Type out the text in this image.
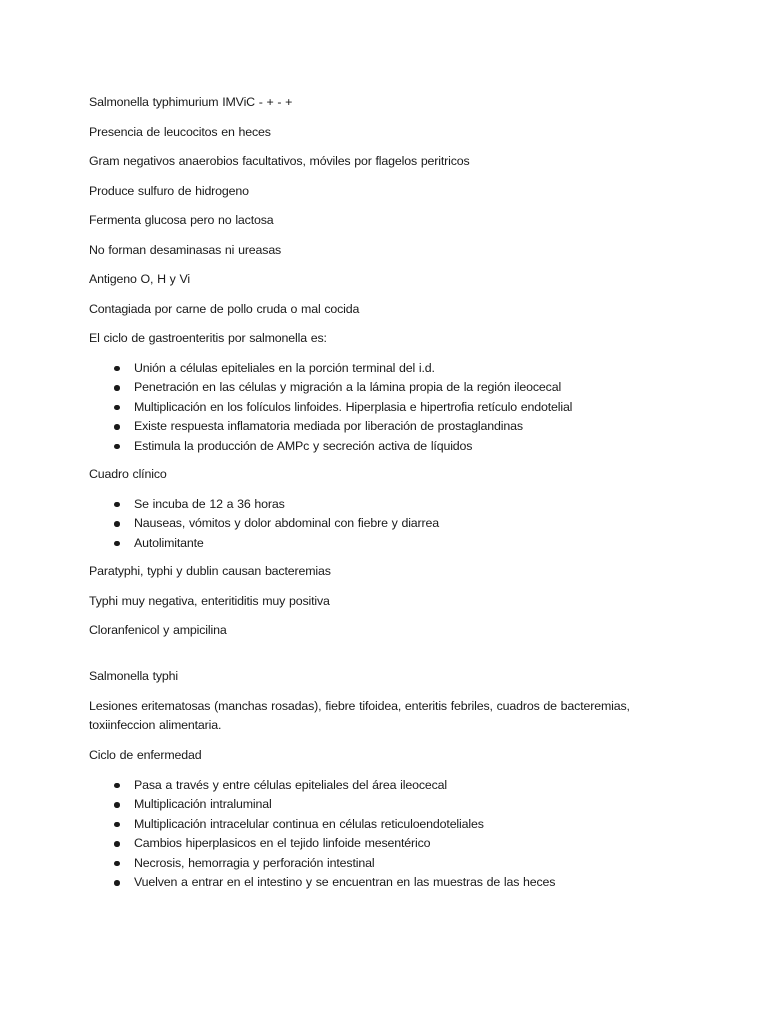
Salmonella typhimurium IMViC - + - +

Presencia de leucocitos en heces

Gram negativos anaerobios facultativos, móviles por flagelos peritricos

Produce sulfuro de hidrogeno

Fermenta glucosa pero no lactosa

No forman desaminasas ni ureasas

Antigeno O, H y Vi

Contagiada por carne de pollo cruda o mal cocida

El ciclo de gastroenteritis por salmonella es:

Unión a células epiteliales en la porción terminal del i.d.
Penetración en las células y migración a la lámina propia de la región ileocecal
Multiplicación en los folículos linfoides. Hiperplasia e hipertrofia retículo endotelial
Existe respuesta inflamatoria mediada por liberación de prostaglandinas
Estimula la producción de AMPc y secreción activa de líquidos

Cuadro clínico

Se incuba de 12 a 36 horas
Nauseas, vómitos y dolor abdominal con fiebre y diarrea
Autolimitante

Paratyphi, typhi y dublin causan bacteremias

Typhi muy negativa, enteritiditis muy positiva

Cloranfenicol y ampicilina

Salmonella typhi

Lesiones eritematosas (manchas rosadas), fiebre tifoidea, enteritis febriles, cuadros de bacteremias, toxiinfeccion alimentaria.

Ciclo de enfermedad

Pasa a través y entre células epiteliales del área ileocecal
Multiplicación intraluminal
Multiplicación intracelular continua en células reticuloendoteliales
Cambios hiperplasicos en el tejido linfoide mesentérico
Necrosis, hemorragia y perforación intestinal
Vuelven a entrar en el intestino y se encuentran en las muestras de las heces
